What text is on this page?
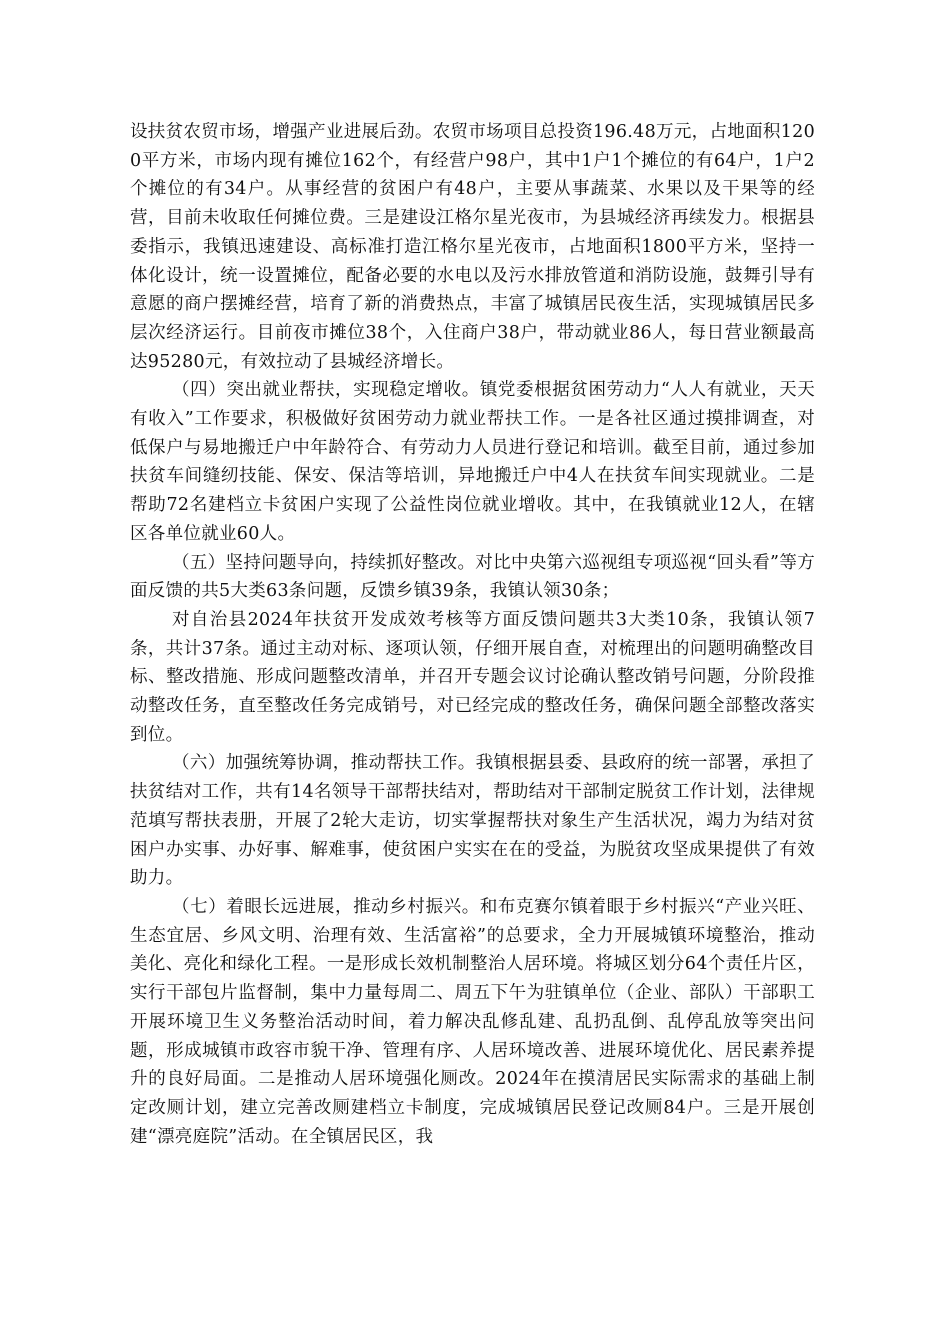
设扶贫农贸市场，增强产业进展后劲。农贸市场项目总投资196.48万元，占地面积1200平方米，市场内现有摊位162个，有经营户98户，其中1户1个摊位的有64户，1户2个摊位的有34户。从事经营的贫困户有48户，主要从事蔬菜、水果以及干果等的经营，目前未收取任何摊位费。三是建设江格尔星光夜市，为县城经济再续发力。根据县委指示，我镇迅速建设、高标准打造江格尔星光夜市，占地面积1800平方米，坚持一体化设计，统一设置摊位，配备必要的水电以及污水排放管道和消防设施，鼓舞引导有意愿的商户摆摊经营，培育了新的消费热点，丰富了城镇居民夜生活，实现城镇居民多层次经济运行。目前夜市摊位38个，入住商户38户，带动就业86人，每日营业额最高达95280元，有效拉动了县城经济增长。

（四）突出就业帮扶，实现稳定增收。镇党委根据贫困劳动力“人人有就业，天天有收入”工作要求，积极做好贫困劳动力就业帮扶工作。一是各社区通过摸排调查，对低保户与易地搬迁户中年龄符合、有劳动力人员进行登记和培训。截至目前，通过参加扶贫车间缝纫技能、保安、保洁等培训，异地搬迁户中4人在扶贫车间实现就业。二是帮助72名建档立卡贫困户实现了公益性岗位就业增收。其中，在我镇就业12人，在辖区各单位就业60人。

（五）坚持问题导向，持续抓好整改。对比中央第六巡视组专项巡视“回头看”等方面反馈的共5大类63条问题，反馈乡镇39条，我镇认领30条；

对自治县2024年扶贫开发成效考核等方面反馈问题共3大类10条，我镇认领7条，共计37条。通过主动对标、逐项认领，仔细开展自查，对梳理出的问题明确整改目标、整改措施、形成问题整改清单，并召开专题会议讨论确认整改销号问题，分阶段推动整改任务，直至整改任务完成销号，对已经完成的整改任务，确保问题全部整改落实到位。

（六）加强统筹协调，推动帮扶工作。我镇根据县委、县政府的统一部署，承担了扶贫结对工作，共有14名领导干部帮扶结对，帮助结对干部制定脱贫工作计划，法律规范填写帮扶表册，开展了2轮大走访，切实掌握帮扶对象生产生活状况，竭力为结对贫困户办实事、办好事、解难事，使贫困户实实在在的受益，为脱贫攻坚成果提供了有效助力。

（七）着眼长远进展，推动乡村振兴。和布克赛尔镇着眼于乡村振兴“产业兴旺、生态宜居、乡风文明、治理有效、生活富裕”的总要求，全力开展城镇环境整治，推动美化、亮化和绿化工程。一是形成长效机制整治人居环境。将城区划分64个责任片区，实行干部包片监督制，集中力量每周二、周五下午为驻镇单位（企业、部队）干部职工开展环境卫生义务整治活动时间，着力解决乱修乱建、乱扔乱倒、乱停乱放等突出问题，形成城镇市政容市貌干净、管理有序、人居环境改善、进展环境优化、居民素养提升的良好局面。二是推动人居环境强化厕改。2024年在摸清居民实际需求的基础上制定改厕计划，建立完善改厕建档立卡制度，完成城镇居民登记改厕84户。三是开展创建“漂亮庭院”活动。在全镇居民区，我
